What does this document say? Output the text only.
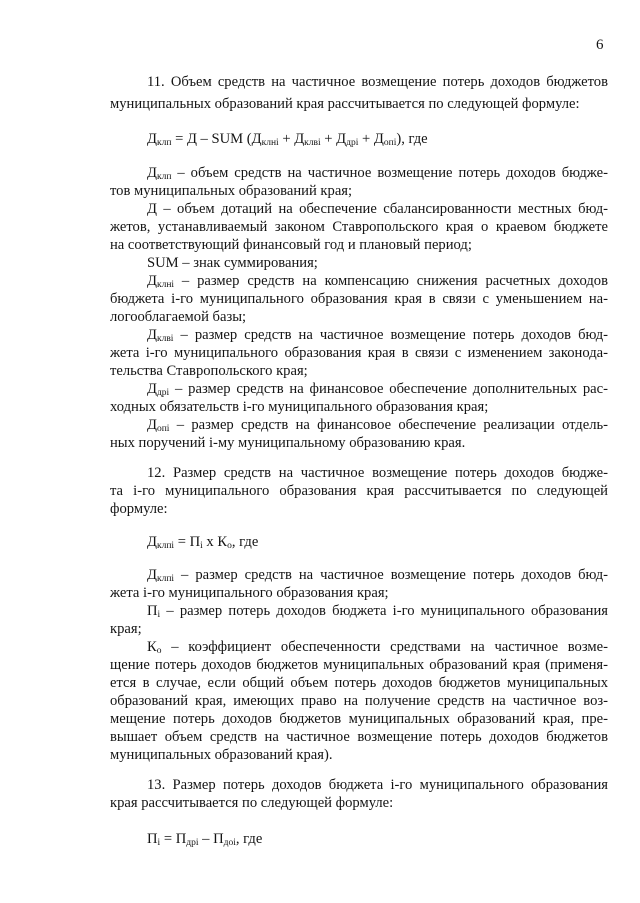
6
11. Объем средств на частичное возмещение потерь доходов бюджетов
муниципальных образований края рассчитывается по следующей формуле:
$Д_{клп} = Д$ – SUM $(Д_{клнi} + Д_{клвi} + Д_{дрi} + Д_{опi})$, где
$Д_{клп}$ – объем средств на частичное возмещение потерь доходов бюдже-
тов муниципальных образований края;
Д – объем дотаций на обеспечение сбалансированности местных бюд-
жетов, устанавливаемый законом Ставропольского края о краевом бюджете
на соответствующий финансовый год и плановый период;
SUM – знак суммирования;
$Д_{клнi}$ – размер средств на компенсацию снижения расчетных доходов
бюджета i-го муниципального образования края в связи с уменьшением на-
логооблагаемой базы;
$Д_{клвi}$ – размер средств на частичное возмещение потерь доходов бюд-
жета i-го муниципального образования края в связи с изменением законода-
тельства Ставропольского края;
$Д_{дрi}$ – размер средств на финансовое обеспечение дополнительных рас-
ходных обязательств i-го муниципального образования края;
$Д_{опi}$ – размер средств на финансовое обеспечение реализации отдель-
ных поручений i-му муниципальному образованию края.
12. Размер средств на частичное возмещение потерь доходов бюдже-
та i-го муниципального образования края рассчитывается по следующей
формуле:
$Д_{клпi} = П_i$ х $К_о$, где
$Д_{клпi}$ – размер средств на частичное возмещение потерь доходов бюд-
жета i-го муниципального образования края;
$П_i$ – размер потерь доходов бюджета i-го муниципального образования
края;
$К_о$ – коэффициент обеспеченности средствами на частичное возме-
щение потерь доходов бюджетов муниципальных образований края (применя-
ется в случае, если общий объем потерь доходов бюджетов муниципальных
образований края, имеющих право на получение средств на частичное воз-
мещение потерь доходов бюджетов муниципальных образований края, пре-
вышает объем средств на частичное возмещение потерь доходов бюджетов
муниципальных образований края).
13. Размер потерь доходов бюджета i-го муниципального образования
края рассчитывается по следующей формуле:
$П_i = П_{дрi} - П_{доi}$, где
